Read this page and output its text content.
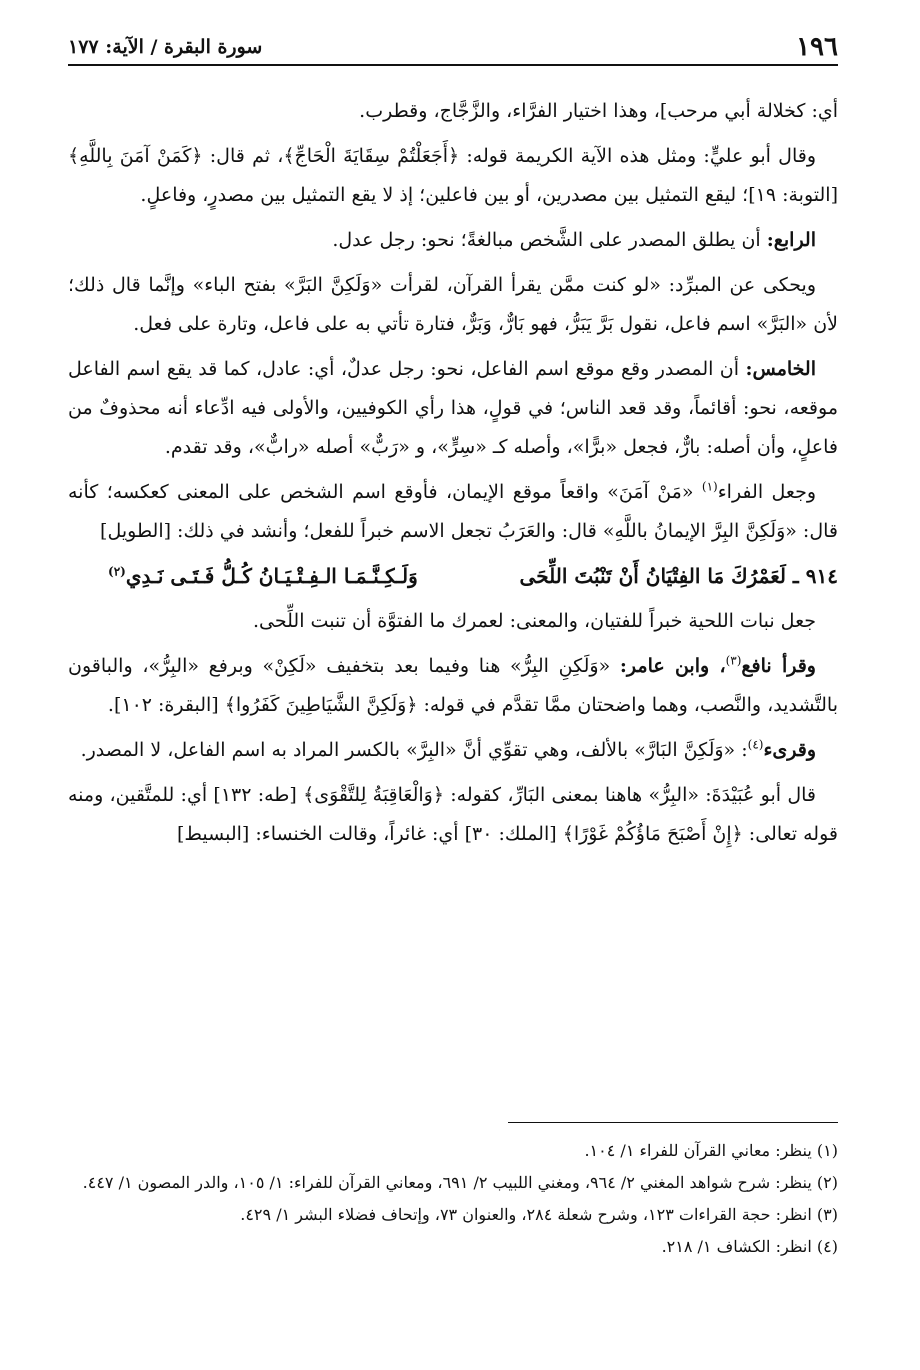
١٩٦
سورة البقرة / الآية: ١٧٧

أي: كخلالة أبي مرحب]، وهذا اختيار الفرَّاء، والزَّجَّاج، وقطرب.

وقال أبو عليٍّ: ومثل هذه الآية الكريمة قوله: ﴿أَجَعَلْتُمْ سِقَايَةَ الْحَاجِّ﴾، ثم قال: ﴿كَمَنْ آمَنَ بِاللَّهِ﴾ [التوبة: ١٩]؛ ليقع التمثيل بين مصدرين، أو بين فاعلين؛ إذ لا يقع التمثيل بين مصدرٍ، وفاعلٍ.

الرابع: أن يطلق المصدر على الشَّخص مبالغةً؛ نحو: رجل عدل.

ويحكى عن المبرِّد: «لو كنت ممَّن يقرأ القرآن، لقرأت «وَلَكِنَّ البَرَّ» بفتح الباء» وإنَّما قال ذلك؛ لأن «البَرَّ» اسم فاعل، نقول بَرَّ يَبَرُّ، فهو بَارٌّ، وَبَرٌّ، فتارة تأتي به على فاعل، وتارة على فعل.

الخامس: أن المصدر وقع موقع اسم الفاعل، نحو: رجل عدلٌ، أي: عادل، كما قد يقع اسم الفاعل موقعه، نحو: أقائماً، وقد قعد الناس؛ في قولٍ، هذا رأي الكوفيين، والأولى فيه ادِّعاء أنه محذوفٌ من فاعلٍ، وأن أصله: بارٌّ، فجعل «برًّا»، وأصله كـ «سِرٍّ»، و «رَبٌّ» أصله «رابٌّ»، وقد تقدم.

وجعل الفراء$^{(١)}$ «مَنْ آمَنَ» واقعاً موقع الإيمان، فأوقع اسم الشخص على المعنى كعكسه؛ كأنه قال: «وَلَكِنَّ البِرَّ الإيمانُ باللَّهِ» قال: والعَرَبُ تجعل الاسم خبراً للفعل؛ وأنشد في ذلك: [الطويل]

٩١٤ ـ لَعَمْرُكَ مَا الفِتْيَانُ أَنْ تَنْبُتَ اللِّحَى
وَلَـكِـنَّـمَـا الـفِـتْـيَـانُ كُـلُّ فَـتَـى نَـدِي$^{(٢)}$

جعل نبات اللحية خبراً للفتيان، والمعنى: لعمرك ما الفتوَّة أن تنبت اللِّحى.

وقرأ نافع$^{(٣)}$، وابن عامر: «وَلَكِنِ البِرُّ» هنا وفيما بعد بتخفيف «لَكِنْ» وبرفع «البِرُّ»، والباقون بالتَّشديد، والنَّصب، وهما واضحتان ممَّا تقدَّم في قوله: ﴿وَلَكِنَّ الشَّيَاطِينَ كَفَرُوا﴾ [البقرة: ١٠٢].

وقرىء$^{(٤)}$: «وَلَكِنَّ البَارَّ» بالألف، وهي تقوِّي أنَّ «البِرَّ» بالكسر المراد به اسم الفاعل، لا المصدر.

قال أبو عُبَيْدَةَ: «البِرُّ» هاهنا بمعنى البَارِّ، كقوله: ﴿وَالْعَاقِبَةُ لِلتَّقْوَى﴾ [طه: ١٣٢] أي: للمتَّقين، ومنه قوله تعالى: ﴿إِنْ أَصْبَحَ مَاؤُكُمْ غَوْرًا﴾ [الملك: ٣٠] أي: غائراً، وقالت الخنساء: [البسيط]

(١) ينظر: معاني القرآن للفراء ١/ ١٠٤.
(٢) ينظر: شرح شواهد المغني ٢/ ٩٦٤، ومغني اللبيب ٢/ ٦٩١، ومعاني القرآن للفراء: ١/ ١٠٥، والدر المصون ١/ ٤٤٧.
(٣) انظر: حجة القراءات ١٢٣، وشرح شعلة ٢٨٤، والعنوان ٧٣، وإتحاف فضلاء البشر ١/ ٤٢٩.
(٤) انظر: الكشاف ١/ ٢١٨.
